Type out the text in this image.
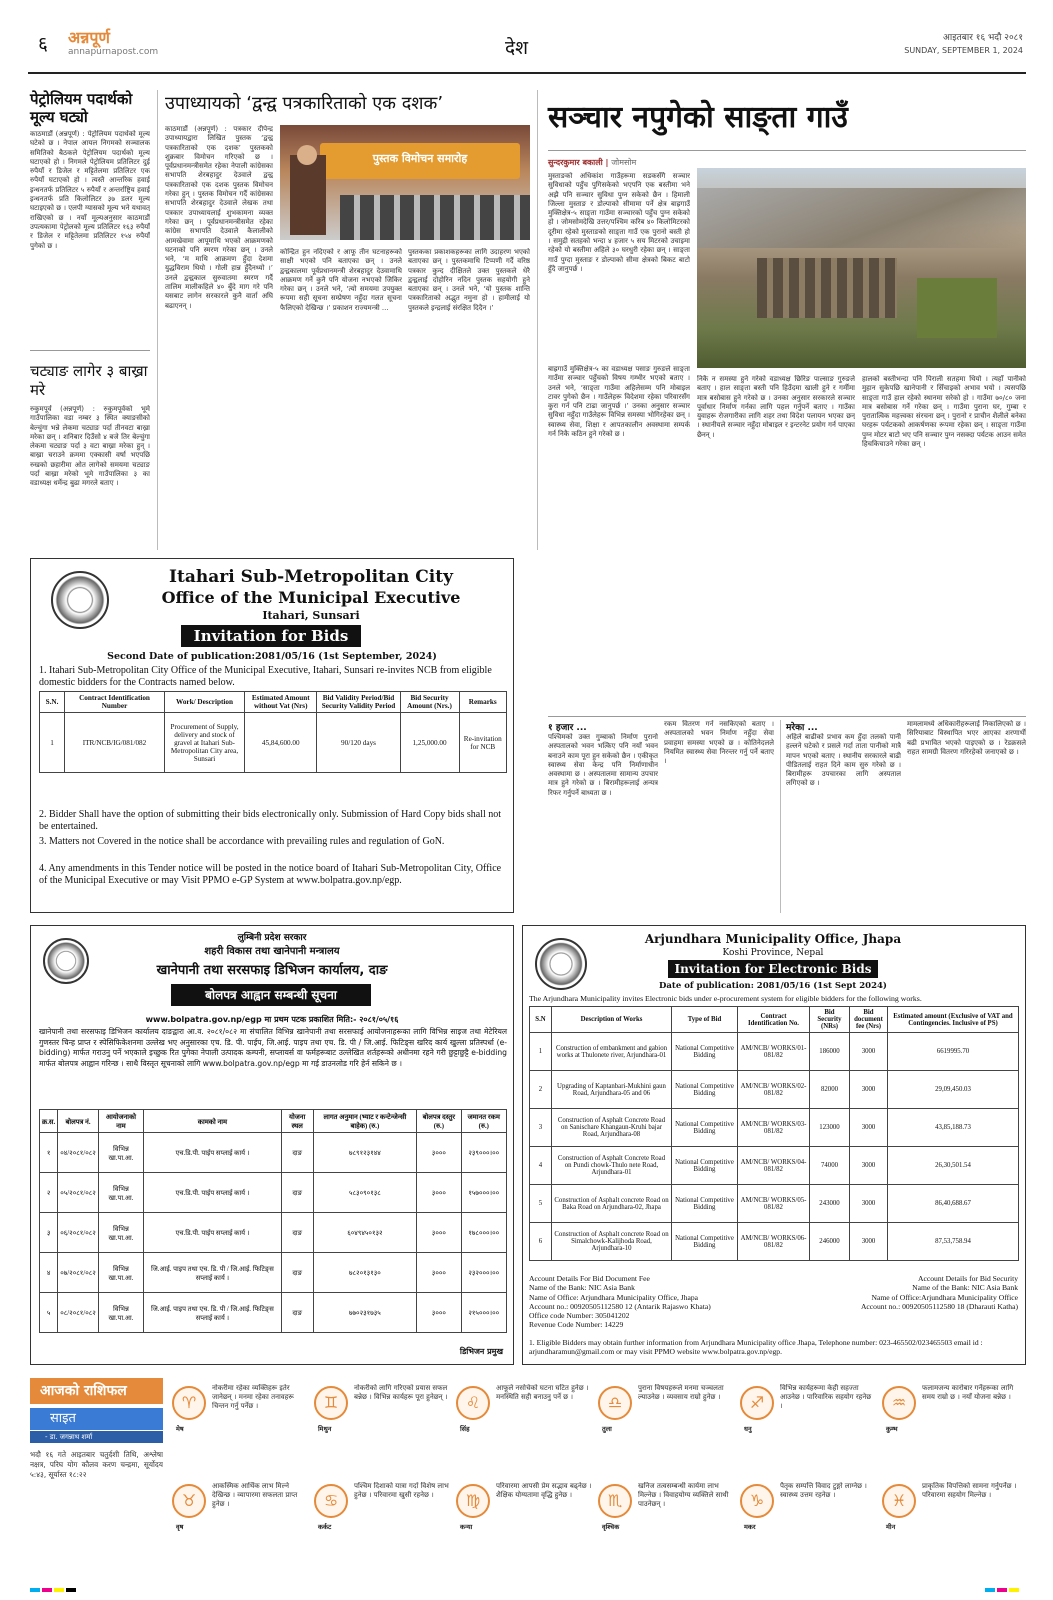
६ अन्नपूर्ण
annapurnapost.com	देश	आइतबार १६ भदौ २०८१
SUNDAY, SEPTEMBER 1, 2024
पेट्रोलियम पदार्थको मूल्य घट्यो
काठमाडौं (अन्नपूर्ण) : पेट्रोलियम पदार्थको मूल्य घटेको छ । नेपाल आयल निगमको सञ्चालक समितिको बैठकले पेट्रोलियम पदार्थको मूल्य घटाएको हो । निगमले पेट्रोलियम प्रतिलिटर दुई रुपैयाँ र डिजेल र मट्टितेलमा प्रतिलिटर एक रुपैयाँ घटाएको हो । त्यस्तै आन्तरिक हवाई इन्धनतर्फ प्रतिलिटर ५ रुपैयाँ र अन्तर्राष्ट्रिय हवाई इन्धनतर्फ प्रति किलोलिटर ३७ डलर मूल्य घटाइएको छ । एलपी ग्यासको मूल्य भने यथावत् राखिएको छ । नयाँ मूल्यअनुसार काठमाडौं उपत्यकामा पेट्रोलको मूल्य प्रतिलिटर १६३ रुपैयाँ र डिजेल र मट्टितेलमा प्रतिलिटर १५४ रुपैयाँ पुगेको छ ।
चट्याङ लागेर ३ बाख्रा मरे
रुकुमपूर्व (अन्नपूर्ण) : रुकुमपूर्वको भूमे गाउँपालिका वडा नम्बर ३ स्थित क्याङसीको बेल्चुंगा भन्ने लेकमा चट्याङ पर्दा तीनवटा बाख्रा मरेका छन् । शनिबार दिउँसो ४ बजे तिर बेल्चुंगा लेकमा चट्याङ पर्दा ३ वटा बाख्रा मरेका हुन् । बाख्रा चराउने क्रममा एक्कासी वर्षा भएपछि रुखको छहारीमा ओत लागेको समयमा चट्याङ पर्दा बाख्रा मरेको भूमे गाउँपालिका ३ का वडाध्यक्ष धर्मेन्द्र बुढा मगरले बताए ।
उपाध्यायको ‘द्वन्द्व पत्रकारिताको एक दशक’
काठमाडौं (अन्नपूर्ण) : पत्रकार दीपेन्द्र उपाध्यायद्वारा लिखित पुस्तक ‘द्वन्द्व पत्रकारिताको एक दशक’ पुस्तकको शुक्रबार विमोचन गरिएको छ । पूर्वप्रधानमन्त्रीसमेत रहेका नेपाली कांग्रेसका सभापति शेरबहादुर देउवाले द्वन्द्व पत्रकारिताको एक दशक पुस्तक विमोचन गरेका हुन् । पुस्तक विमोचन गर्दै कांग्रेसका सभापति शेरबहादुर देउवाले लेखक तथा पत्रकार उपाध्यायलाई शुभकामना व्यक्त गरेका छन् । पूर्वप्रधानमन्त्रीसमेत रहेका कांग्रेस सभापति देउवाले कैलालीको आमखेवामा आपूमाथि भएको आक्रमणको घटनाको पनि स्मरण गरेका छन् । उनले भने, ‘म माथि आक्रमण हुँदा देशमा युद्धविराम थियो । गोली हान्न हुँदैनथ्यो ।’ उनले द्वन्द्वकाल सुरुवातमा स्मरण गर्दै तालिम मालीकहिले ४० बुँदे माग गरे पनि यसबाट लागेन सरकारले कुनै वार्ता अघि बढाएनन् ।
पुस्तक विमोचन समारोह
कोन्द्रित हुन नदिएको र आफू तीन घटनाहरूको साक्षी भएको पनि बताएका छन् । उनले द्वन्द्वकालमा पूर्वप्रधानमन्त्री शेरबहादुर देउवामाथि आक्रमण गर्ने कुनै पनि योजना नभएको जिकिर गरेका छन् । उनले भने, ‘त्यो समयमा उपयुक्त रूपमा सही सूचना सम्प्रेषण नहुँदा गलत सूचना फैलिएको देखिन्छ ।’ प्रकाशन राज्यमन्त्री ...
पुस्तकका प्रकाशकहरूका लागि उदाहरण भएको बताएका छन् । पुस्तकमाथि टिप्पणी गर्दै वरिष्ठ पत्रकार कुन्द दीक्षितले उक्त पुस्तकले धेरै द्वन्द्वलाई दोहोरिन नदिन पुस्तक सहयोगी हुने बताएका छन् । उनले भने, ‘यो पुस्तक शान्ति पत्रकारिताको अद्भुत नमुना हो । हामीलाई यो पुस्तकले इन्द्रलाई संरक्षित दिदैन ।’
सञ्चार नपुगेको साङ्ता गाउँ
सुन्दरकुमार बकाली | जोमसोम
मुस्ताङको अधिकांश गाउँहरूमा सडकसँगै सञ्चार सुविधाको पहुँच पुगिसकेको भएपनि एक बस्तीमा भने अझै पनि सञ्चार सुविधा पुग्न सकेको छैन । हिमाली जिल्ला मुस्ताङ र डोल्पाको सीमामा पर्ने क्षेत्र बाह्रगाउँ मुक्तिक्षेत्र-५ साङ्ता गाउँमा सञ्चारको पहुँच पुग्न सकेको हो । जोमसोमदेखि उत्तर/पश्चिम करिब ४० किलोमिटरको दूरीमा रहेको मुस्ताङको साङ्ता गाउँ एक पुरानो बस्ती हो । समुद्री सतहको भन्दा ४ हजार ५ सय मिटरको उचाइमा रहेको यो बस्तीमा अहिले ३० घरधुरी रहेका छन् । साङ्ता गाउँ पुग्दा मुस्ताङ र डोल्पाको सीमा क्षेत्रको बिकट बाटो हुँदै जानुपर्छ ।
बाह्रगाउँ मुक्तिक्षेत्र-५ का वडाध्यक्ष पसाङ गुरुङले साङ्ता गाउँमा सञ्चार पहुँचको विषय गम्भीर भएको बताए । उनले भने, ‘साङ्ता गाउँमा अहिलेसम्म पनि मोबाइल टावर पुगेको छैन । गाउँलेहरू विदेशमा रहेका परिवारसँग कुरा गर्न पनि टाढा जानुपर्छ ।’ उनका अनुसार सञ्चार सुविधा नहुँदा गाउँलेहरू विभिन्न समस्या भोगिरहेका छन् । स्वास्थ्य सेवा, शिक्षा र आपतकालीन अवस्थामा सम्पर्क गर्न निकै कठिन हुने गरेको छ ।
निकै न समस्या हुने गरेको वडाध्यक्ष छिरिङ पाल्साङ गुरुङले बताए । हाल साङ्ता बस्ती पनि हिउँदमा खाली हुने र गर्मीमा मात्र बसोबास हुने गरेको छ । उनका अनुसार सरकारले सञ्चार पूर्वाधार निर्माण गर्नका लागि पहल गर्नुपर्ने बताए । गाउँका युवाहरू रोजगारीका लागि शहर तथा विदेश पलायन भएका छन् । स्थानीयले सञ्चार नहुँदा मोबाइल र इन्टरनेट प्रयोग गर्न पाएका छैनन् ।
हालको बस्तीभन्दा पनि पिराली सतहमा थियो । त्यहाँ पानीको मुहान सुकेपछि खानेपानी र सिँचाइको अभाव भयो । त्यसपछि साङ्ता गाउँ हाल रहेको स्थानमा सरेको हो । गाउँमा ७०/८० जना मात्र बसोबास गर्ने गरेका छन् । गाउँमा पुराना घर, गुम्बा र पुरातात्विक महत्त्वका संरचना छन् । पुरानो र प्राचीन शैलीले बनेका घरहरू पर्यटकको आकर्षणका रूपमा रहेका छन् । साङ्ता गाउँमा पुग्न मोटर बाटो भए पनि सञ्चार पुग्न नसक्दा पर्यटक आउन समेत हिचकिचाउने गरेका छन् ।
१ हजार ...
पश्चिमको उक्त गुम्बाको निर्माण पुरानो अस्पतालको भवन भत्किए पनि नयाँ भवन बनाउने काम पूरा हुन सकेको छैन । एकीकृत स्वास्थ्य सेवा केन्द्र पनि निर्माणाधीन अवस्थामा छ । अस्पतालमा सामान्य उपचार मात्र हुने गरेको छ । बिरामीहरूलाई अन्यत्र रिफर गर्नुपर्ने बाध्यता छ ।
रकम वितरण गर्न नसकिएको बताए । अस्पतालको भवन निर्माण नहुँदा सेवा प्रवाहमा समस्या भएको छ । कोतिनेदलले नियमित स्वास्थ्य सेवा निरन्तर गर्नु पर्ने बताए ।
मरेका ...
अहिले बाढीको प्रभाव कम हुँदा तलको पानी हल्लने घटेको र प्रसले गर्दा ताता पानीको मात्रै मापन भएको बताए । स्थानीय सरकारले बाढी पीडितलाई राहत दिने काम सुरु गरेको छ । बिरामीहरू उपचारका लागि अस्पताल लगिएको छ ।
मामलामध्ये अधिकारीहरूलाई निकालिएको छ । सिरियाबाट विस्थापित भएर आएका शरणार्थी बढी प्रभावित भएको पाइएको छ । रेडक्रसले राहत सामग्री वितरण गरिरहेको जनाएको छ ।
Itahari Sub-Metropolitan City
Office of the Municipal Executive
Itahari, Sunsari
Invitation for Bids
Second Date of publication:2081/05/16 (1st September, 2024)
1. Itahari Sub-Metropolitan City Office of the Municipal Executive, Itahari, Sunsari re-invites NCB from eligible domestic bidders for the Contracts named below.
S.N.	Contract Identification Number	Work/ Description	Estimated Amount without Vat (Nrs)	Bid Validity Period/Bid Security Validity Period	Bid Security Amount (Nrs.)	Remarks
1	ITR/NCB/IG/081/082	Procurement of Supply, delivery and stock of gravel at Itahari Sub-Metropolitan City area, Sunsari	45,84,600.00	90/120 days	1,25,000.00	Re-invitation for NCB
2. Bidder Shall have the option of submitting their bids electronically only. Submission of Hard Copy bids shall not be entertained.
3. Matters not Covered in the notice shall be accordance with prevailing rules and regulation of GoN.
4. Any amendments in this Tender notice will be posted in the notice board of Itahari Sub-Metropolitan City, Office of the Municipal Executive or may Visit PPMO e-GP System at www.bolpatra.gov.np/egp.
लुम्बिनी प्रदेश सरकार
शहरी विकास तथा खानेपानी मन्त्रालय
खानेपानी तथा सरसफाइ डिभिजन कार्यालय, दाङ
बोलपत्र आह्वान सम्बन्धी सूचना
www.bolpatra.gov.np/egp मा प्रथम पटक प्रकाशित मिति:- २०८१/०५/१६
खानेपानी तथा सरसफाइ डिभिजन कार्यालय दाङद्वारा आ.व. २०८१/०८२ मा संचालित विभिन्न खानेपानी तथा सरसफाई आयोजनाहरूका लागि विभिन्न साइज तथा मेटेरियल गुणस्तर चिन्ह प्राप्त र स्पेसिफिकेशनमा उल्लेख भए अनुसारका एच. डि. पी. पाईप, जि.आई. पाइप तथा एच. डि. पी / जि.आई. फिटिङ्स खरिद कार्य खुल्ला प्रतिस्पर्धा (e-bidding) मार्फत गराउनु पर्ने भएकाले इच्छुक रित पुगेका नेपाली उत्पादक कम्पनी, सप्लायर्स वा फर्महरूबाट उल्लेखित शर्तहरूको अधीनमा रहने गरी छुट्टाछुट्टै e-bidding मार्फत बोलपत्र आह्वान गरिन्छ । साथै विस्तृत सूचनाको लागि www.bolpatra.gov.np/egp मा गई डाउनलोड गरि हेर्न सकिने छ ।
क्र.स.	बोलपत्र नं.	आयोजनाको नाम	कामको नाम	योजना स्थल	लागत अनुमान (भ्याट र कन्टेन्जेन्सी बाहेक) (रु.)	बोलपत्र दस्तुर (रु.)	जमानत रकम (रु.)
१	०४/२०८१/०८२	विभिन्न खा.पा.आ.	एच.डि.पी. पाईप सप्लाई कार्य ।	दाङ	७८९१२३१४४	३०००	२३९०००।००
२	०५/२०८१/०८२	विभिन्न खा.पा.आ.	एच.डि.पी. पाईप सप्लाई कार्य ।	दाङ	५८३०९०१३८	३०००	१५७०००।००
३	०६/२०८१/०८२	विभिन्न खा.पा.आ.	एच.डि.पी. पाईप सप्लाई कार्य ।	दाङ	६०४९४५०१३२	३०००	१७८०००।००
४	०७/२०८१/०८२	विभिन्न खा.पा.आ.	जि.आई. पाइप तथा एच. डि. पी / जि.आई. फिटिङ्स सप्लाई कार्य ।	दाङ	७८२०१३१३०	३०००	२३२०००।००
५	०८/२०८१/०८२	विभिन्न खा.पा.आ.	जि.आई. पाइप तथा एच. डि. पी / जि.आई. फिटिङ्स सप्लाई कार्य ।	दाङ	७७०२३१७३५	३०००	२१५०००।००
डिभिजन प्रमुख
Arjundhara Municipality Office, Jhapa
Koshi Province, Nepal
Invitation for Electronic Bids
Date of publication: 2081/05/16 (1st Sept 2024)
The Arjundhara Municipality invites Electronic bids under e-procurement system for eligible bidders for the following works.
S.N	Description of Works	Type of Bid	Contract Identification No.	Bid Security (NRs)	Bid document fee (Nrs)	Estimated amount (Exclusive of VAT and Contingencies. Inclusive of PS)
1	Construction of embankment and gabion works at Thulonete river, Arjundhara-01	National Competitive Bidding	AM/NCB/ WORKS/01-081/82	186000	3000	6619995.70
2	Upgrading of Kaptanbari-Mukhini gaun Road, Arjundhara-05 and 06	National Competitive Bidding	AM/NCB/ WORKS/02-081/82	82000	3000	29,09,450.03
3	Construction of Asphalt Concrete Road on Sanischare Khangaun-Kruhi bajar Road, Arjundhara-08	National Competitive Bidding	AM/NCB/ WORKS/03-081/82	123000	3000	43,85,188.73
4	Construction of Asphalt Concrete Road on Pundi chowk-Thulo nete Road, Arjundhara-01	National Competitive Bidding	AM/NCB/ WORKS/04-081/82	74000	3000	26,30,501.54
5	Construction of Asphalt concrete Road on Baka Road on Arjundhara-02, Jhapa	National Competitive Bidding	AM/NCB/ WORKS/05-081/82	243000	3000	86,40,688.67
6	Construction of Asphalt concrete Road on Simalchowk-Kalijhoda Road, Arjundhara-10	National Competitive Bidding	AM/NCB/ WORKS/06-081/82	246000	3000	87,53,758.94
Account Details For Bid Document Fee
Name of the Bank: NIC Asia Bank
Name of Office: Arjundhara Municipality Office, Jhapa
Account no.: 00920505112580 12 (Antarik Rajaswo Khata)
Office code Number: 305041202
Revenue Code Number: 14229
Account Details for Bid Security
Name of the Bank: NIC Asia Bank
Name of Office:Arjundhara Municipality Office
Account no.: 00920505112580 18 (Dharauti Katha)
1. Eligible Bidders may obtain further information from Arjundhara Municipality office Jhapa, Telephone number: 023-465502/023465503 email id : arjundharamun@gmail.com or may visit PPMO website www.bolpatra.gov.np/egp.
आजको राशिफल
साइत
- डा. जगन्नाथ शर्मा
भदौ १६ गते आइतबार चतुर्दशी तिथि, अश्लेषा नक्षत्र, परिघ योग कौलव करण चन्द्रमा, सूर्योदय ५:४३, सूर्यास्त १८:२२
♈
मेष
नोकरीमा रहेका व्यक्तिहरू इतेर जानेछन् । मनमा रहेका तनावहरू चिन्तन गर्नु पर्नेछ ।	♊
मिथुन
नोकरीको लागि गरिएको प्रयास सफल बन्नेछ । विभिन्न कार्यहरू पूरा हुनेछन् ।	♌
सिंह
आफूले नसोचेको घटना घटित हुनेछ । मनस्थिति सही बनाउनु पर्ने छ ।	♎
तुला
पुराना विषयहरूले मनमा चञ्चलता ल्याउनेछ । व्यवसाय राम्रो हुनेछ ।	♐
धनु
विभिन्न कार्यहरूमा केही सहज्ता आउनेछ । पारिवारिक सहयोग रहनेछ ।	♒
कुम्भ
फलामजन्य कारोबार गर्नेहरूका लागि समय राम्रो छ । नयाँ योजना बन्नेछ ।
♉
वृष
आकस्मिक आर्थिक लाभ मिल्ने देखिन्छ । व्यापारमा सफलता प्राप्त हुनेछ ।	♋
कर्कट
पश्चिम दिशाको यात्रा गर्दा विशेष लाभ हुनेछ । परिवारमा खुसी रहनेछ ।	♍
कन्या
परिवारमा आपसी प्रेम सद्भाव बढ्नेछ । शैक्षिक योग्यतामा वृद्धि हुनेछ ।	♏
वृश्चिक
खनिज तत्वसम्बन्धी कार्यमा लाभ मिल्नेछ । विवाहयोग्य व्यक्तिले साथी पाउनेछन् ।	♑
मकर
पैतृक सम्पत्ति विवाद टुङ्गो लाग्नेछ । स्वास्थ्य उत्तम रहनेछ ।	♓
मीन
प्राकृतिक विपत्तिको सामना गर्नुपर्नेछ । परिवारमा सहयोग मिल्नेछ ।
